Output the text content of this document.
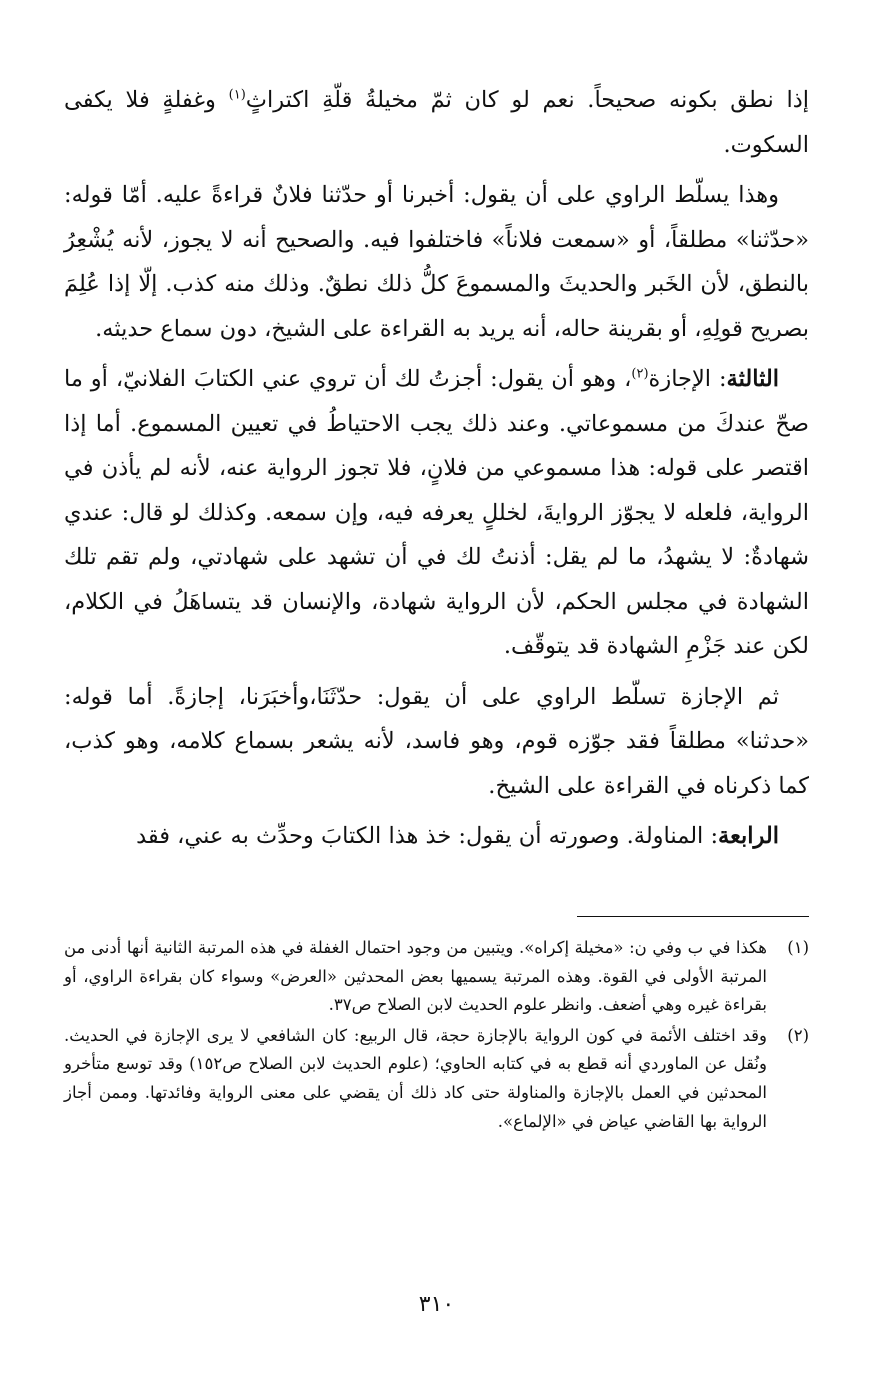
إذا نطق بكونه صحيحاً. نعم لو كان ثمّ مخيلةُ قلّةِ اكتراثٍ$^{(١)}$ وغفلةٍ فلا يكفى السكوت.

وهذا يسلّط الراوي على أن يقول: أخبرنا أو حدّثنا فلانٌ قراءةً عليه. أمّا قوله: «حدّثنا» مطلقاً، أو «سمعت فلاناً» فاختلفوا فيه. والصحيح أنه لا يجوز، لأنه يُشْعِرُ بالنطق، لأن الخَبر والحديثَ والمسموعَ كلُّ ذلك نطقٌ. وذلك منه كذب. إلّا إذا عُلِمَ بصريح قولِهِ، أو بقرينة حاله، أنه يريد به القراءة على الشيخ، دون سماع حديثه.

الثالثة: الإجازة$^{(٢)}$، وهو أن يقول: أجزتُ لك أن تروي عني الكتابَ الفلانيّ، أو ما صحّ عندكَ من مسموعاتي. وعند ذلك يجب الاحتياطُ في تعيين المسموع. أما إذا اقتصر على قوله: هذا مسموعي من فلانٍ، فلا تجوز الرواية عنه، لأنه لم يأذن في الرواية، فلعله لا يجوّز الروايةَ، لخللٍ يعرفه فيه، وإن سمعه. وكذلك لو قال: عندي شهادةٌ: لا يشهدُ، ما لم يقل: أذنتُ لك في أن تشهد على شهادتي، ولم تقم تلك الشهادة في مجلس الحكم، لأن الرواية شهادة، والإنسان قد يتساهَلُ في الكلام، لكن عند جَزْمِ الشهادة قد يتوقّف.

ثم الإجازة تسلّط الراوي على أن يقول: حدّثَنَا،وأخبَرَنا، إجازةً. أما قوله: «حدثنا» مطلقاً فقد جوّزه قوم، وهو فاسد، لأنه يشعر بسماع كلامه، وهو كذب، كما ذكرناه في القراءة على الشيخ.

الرابعة: المناولة. وصورته أن يقول: خذ هذا الكتابَ وحدِّث به عني، فقد

(١)
هكذا في ب وفي ن: «مخيلة إكراه». ويتبين من وجود احتمال الغفلة في هذه المرتبة الثانية أنها أدنى من المرتبة الأولى في القوة. وهذه المرتبة يسميها بعض المحدثين «العرض» وسواء كان بقراءة الراوي، أو بقراءة غيره وهي أضعف. وانظر علوم الحديث لابن الصلاح ص٣٧.
(٢)
وقد اختلف الأئمة في كون الرواية بالإجازة حجة، قال الربيع: كان الشافعي لا يرى الإجازة في الحديث. ونُقل عن الماوردي أنه قطع به في كتابه الحاوي؛ (علوم الحديث لابن الصلاح ص١٥٢) وقد توسع متأخرو المحدثين في العمل بالإجازة والمناولة حتى كاد ذلك أن يقضي على معنى الرواية وفائدتها. وممن أجاز الرواية بها القاضي عياض في «الإلماع».
٣١٠
